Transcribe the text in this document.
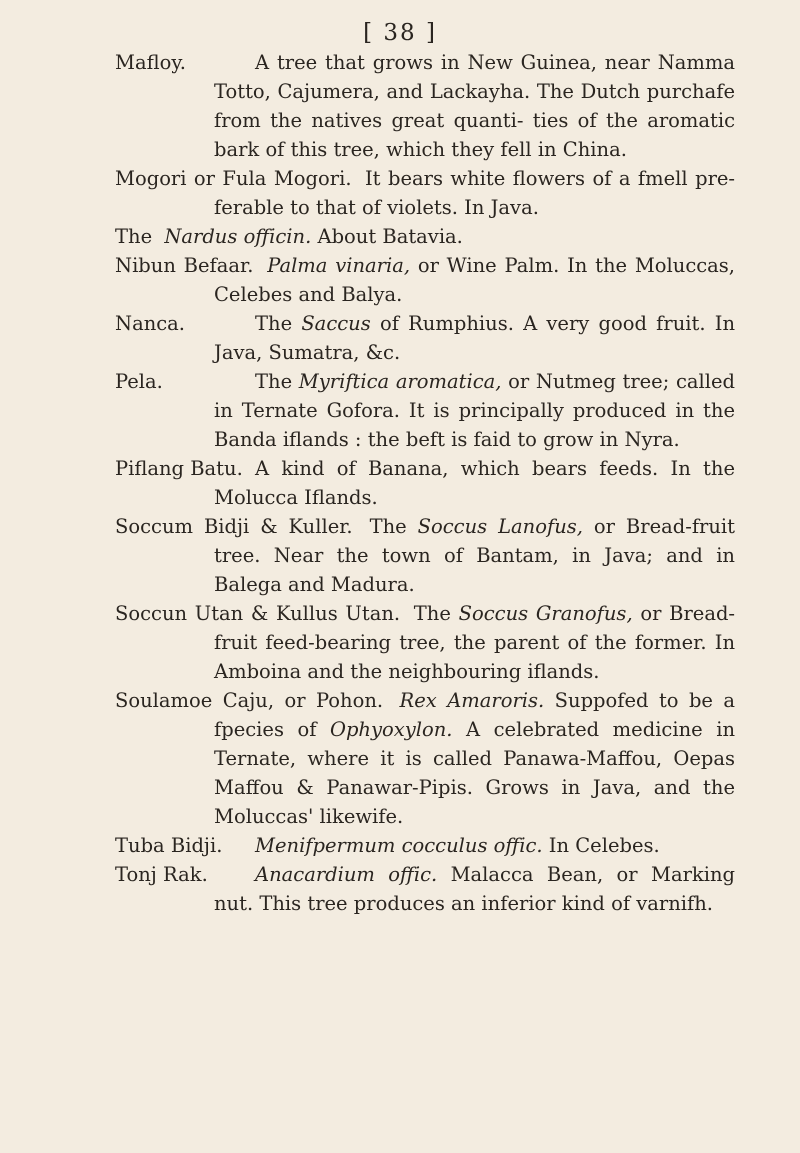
[ 38 ]

Mafloy.	A tree that grows in New Guinea, near Namma Totto, Cajumera, and Lackayha. The Dutch purchafe from the natives great quanti- ties of the aromatic bark of this tree, which they fell in China.

Mogori or Fula Mogori. It bears white flowers of a fmell pre- ferable to that of violets. In Java.

The Nardus officin. About Batavia.

Nibun Befaar. Palma vinaria, or Wine Palm. In the Moluccas, Celebes and Balya.

Nanca.	The Saccus of Rumphius. A very good fruit. In Java, Sumatra, &c.

Pela.	The Myriftica aromatica, or Nutmeg tree; called in Ternate Gofora. It is principally produced in the Banda iflands : the beft is faid to grow in Nyra.

Piflang Batu. A kind of Banana, which bears feeds. In the Molucca Iflands.

Soccum Bidji & Kuller. The Soccus Lanofus, or Bread-fruit tree. Near the town of Bantam, in Java; and in Balega and Madura.

Soccun Utan & Kullus Utan. The Soccus Granofus, or Bread- fruit feed-bearing tree, the parent of the former. In Amboina and the neighbouring iflands.

Soulamoe Caju, or Pohon. Rex Amaroris. Suppofed to be a fpecies of Ophyoxylon. A celebrated medicine in Ternate, where it is called Panawa-Maffou, Oepas Maffou & Panawar-Pipis. Grows in Java, and the Moluccas' likewife.

Tuba Bidji. Menifpermum cocculus offic. In Celebes.

Tonj Rak. Anacardium offic. Malacca Bean, or Marking nut. This tree produces an inferior kind of varnifh.
